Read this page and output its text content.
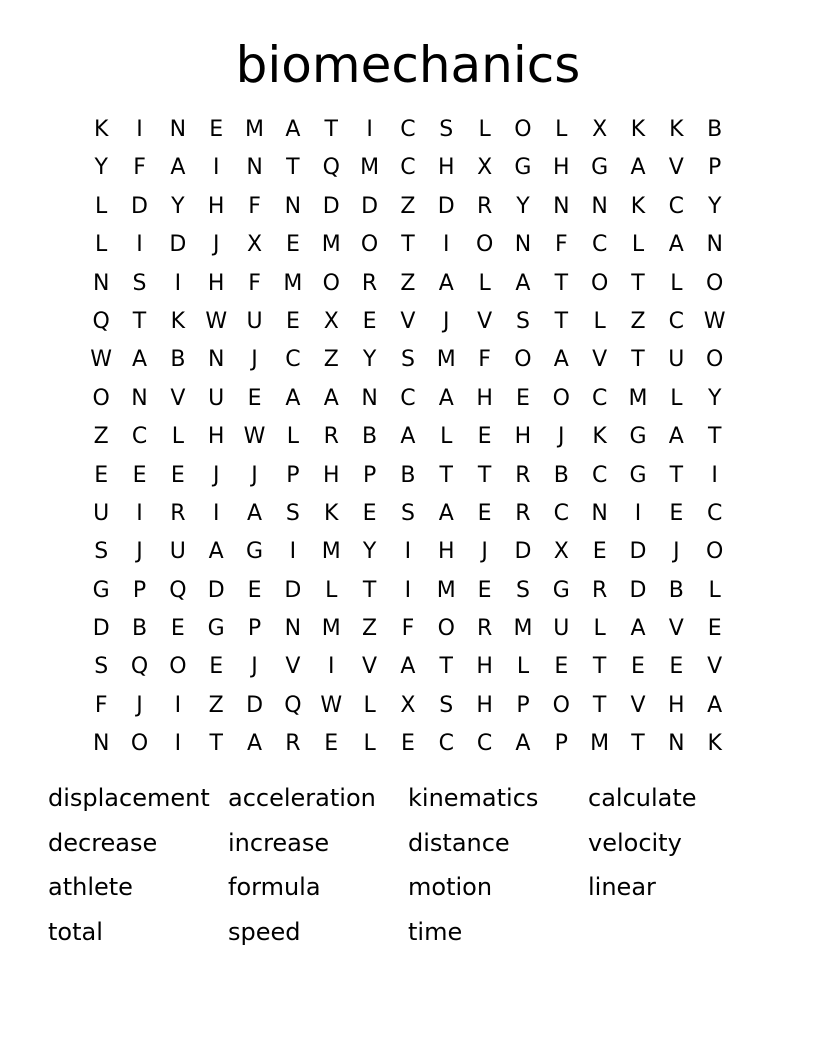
biomechanics
K	I	N	E M A	T	I	C	S	L	O	L	X	K	K	B
Y	F	A	I	N	T	Q M C	H	X	G H G	A	V	P
L	D	Y	H	F	N D D	Z	D	R	Y	N N	K	C	Y
L	I	D	J	X	E M O	T	I	O N	F	C	L	A	N
N	S	I	H	F	M O	R	Z	A	L	A	T	O	T	L	O
Q	T	K W U	E	X	E	V	J	V	S	T	L	Z	C W
W A	B	N	J	C	Z	Y	S M	F	O	A	V	T	U O
O N	V	U	E	A	A	N	C	A	H	E	O	C M	L	Y
Z	C	L	H W L	R	B	A	L	E	H	J	K	G	A	T
E	E	E	J	J	P	H	P	B	T	T	R	B	C	G	T	I
U	I	R	I	A	S	K	E	S	A	E	R	C	N	I	E	C
S	J	U	A	G	I	M	Y	I	H	J	D	X	E	D	J	O
G	P	Q D	E	D	L	T	I	M E	S	G	R	D	B	L
D	B	E	G	P	N M Z	F	O	R M U	L	A	V	E
S	Q O	E	J	V	I	V	A	T	H	L	E	T	E	E	V
F	J	I	Z	D Q W L	X	S	H	P	O	T	V	H	A
N O	I	T	A	R	E	L	E	C	C	A	P	M	T	N	K
displacement acceleration	kinematics	calculate
decrease	increase	distance	velocity
athlete	formula	motion	linear
total	speed	time
